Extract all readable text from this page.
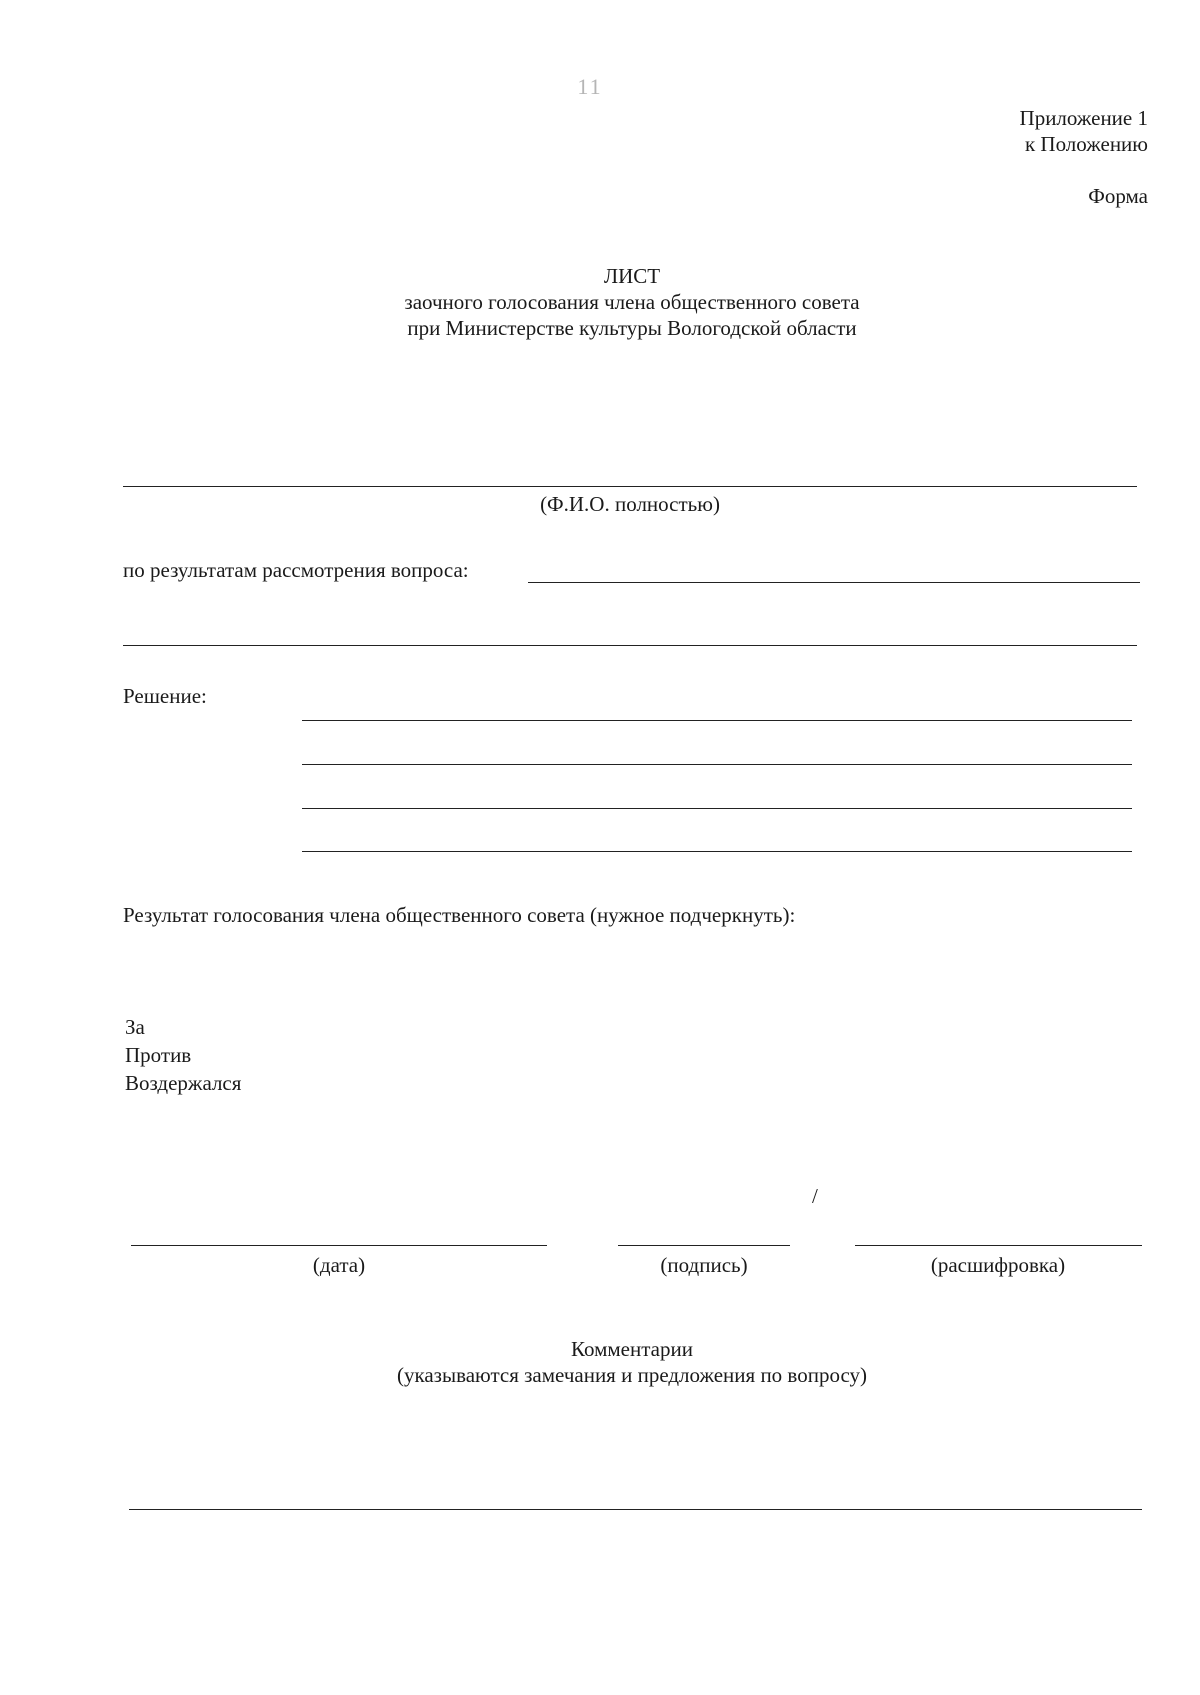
11
Приложение 1
к Положению
Форма
ЛИСТ
заочного голосования члена общественного совета
при Министерстве культуры Вологодской области
(Ф.И.О. полностью)
по результатам рассмотрения вопроса:
Решение:
Результат голосования члена общественного совета (нужное подчеркнуть):
За
Против
Воздержался
/
(дата)	(подпись)	(расшифровка)
Комментарии
(указываются замечания и предложения по вопросу)
